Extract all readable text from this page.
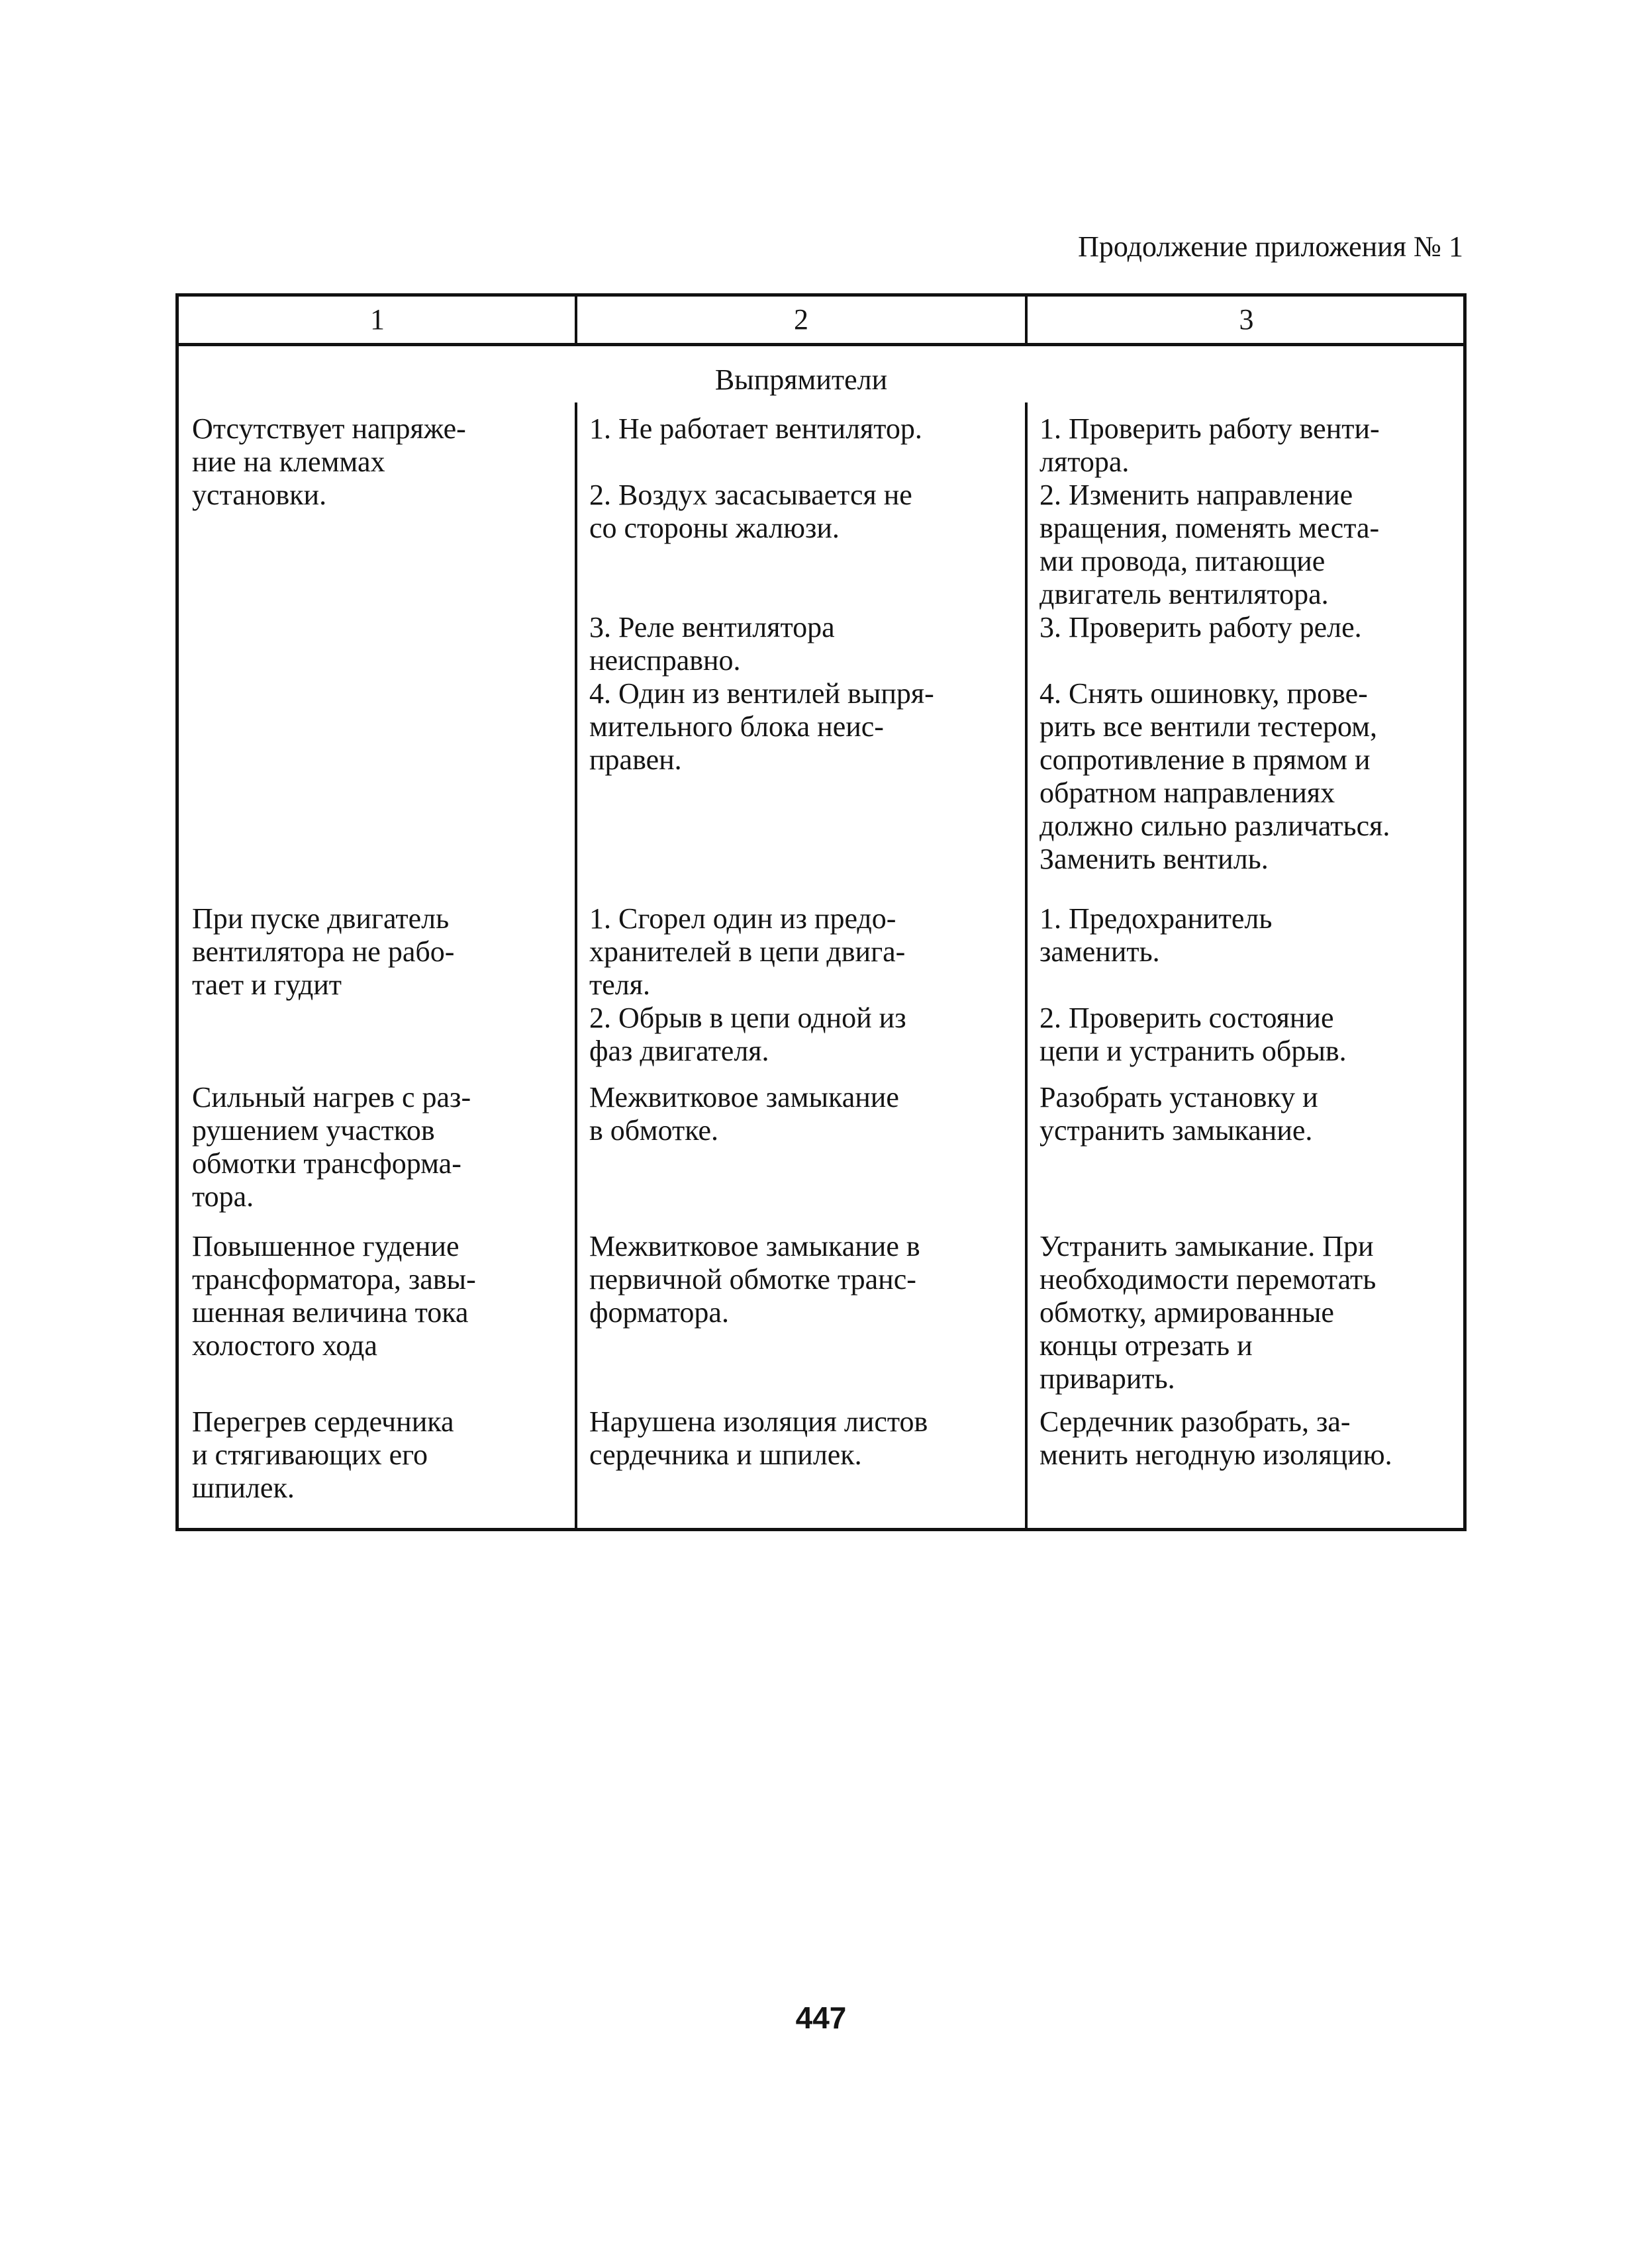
Продолжение приложения № 1
1	2	3
Выпрямители
Отсутствует напряже-
ние на клеммах
установки.
1. Не работает вентилятор.
2. Воздух засасывается не
со стороны жалюзи.
3. Реле вентилятора
неисправно.
4. Один из вентилей выпря-
мительного блока неис-
правен.
1. Проверить работу венти-
лятора.
2. Изменить направление
вращения, поменять места-
ми провода, питающие
двигатель вентилятора.
3. Проверить работу реле.
4. Снять ошиновку, прове-
рить все вентили тестером,
сопротивление в прямом и
обратном направлениях
должно сильно различаться.
Заменить вентиль.
При пуске двигатель
вентилятора не рабо-
тает и гудит
1. Сгорел один из предо-
хранителей в цепи двига-
теля.
2. Обрыв в цепи одной из
фаз двигателя.
1. Предохранитель
заменить.
2. Проверить состояние
цепи и устранить обрыв.
Сильный нагрев с раз-
рушением участков
обмотки трансформа-
тора.
Межвитковое замыкание
в обмотке.
Разобрать установку и
устранить замыкание.
Повышенное гудение
трансформатора, завы-
шенная величина тока
холостого хода
Межвитковое замыкание в
первичной обмотке транс-
форматора.
Устранить замыкание. При
необходимости перемотать
обмотку, армированные
концы отрезать и
приварить.
Перегрев сердечника
и стягивающих его
шпилек.
Нарушена изоляция листов
сердечника и шпилек.
Сердечник разобрать, за-
менить негодную изоляцию.
447
